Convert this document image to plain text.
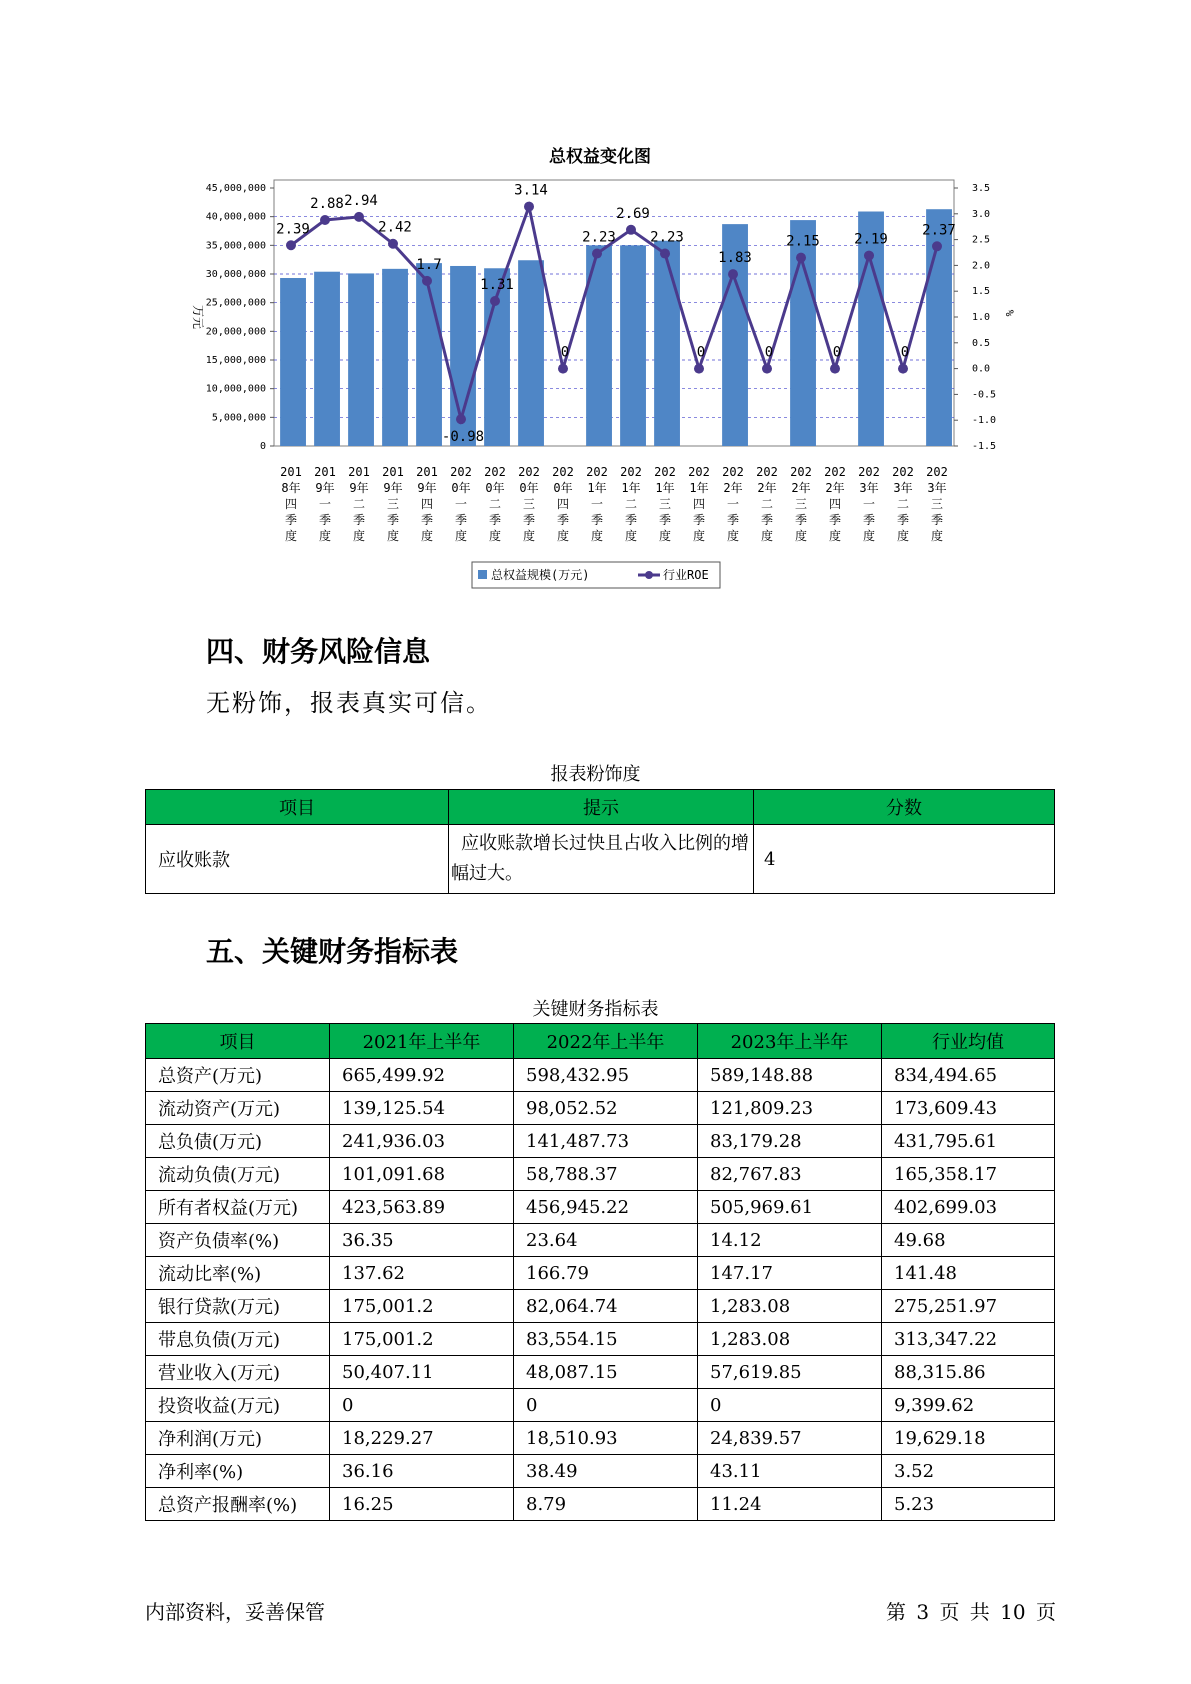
总权益变化图
45,000,000
40,000,000
35,000,000
30,000,000
25,000,000
20,000,000
15,000,000
10,000,000
5,000,000
0
3.5
3.0
2.5
2.0
1.5
1.0
0.5
0.0
-0.5
-1.0
-1.5
万元	%
2.39
2.88 2.94
2.42
1.7
-0.98
1.31
3.14
0
2.23
2.69
2.23
0
1.83
0
2.15
0
2.19
0
2.37
201
8年
四
季
度
201
9年
一
季
度
201
9年
二
季
度
201
9年
三
季
度
201
9年
四
季
度
202
0年
一
季
度
202
0年
二
季
度
202
0年
三
季
度
202
0年
四
季
度
202
1年
一
季
度
202
1年
二
季
度
202
1年
三
季
度
202
1年
四
季
度
202
2年
一
季
度
202
2年
二
季
度
202
2年
三
季
度
202
2年
四
季
度
202
3年
一
季
度
202
3年
二
季
度
202
3年
三
季
度
总权益规模(万元)	行业ROE
四、财务风险信息
无粉饰，报表真实可信。
报表粉饰度
项目	提示	分数
应收账款	应收账款增长过快且占收入比例的增幅过大。	4
五、关键财务指标表
关键财务指标表
项目	2021年上半年	2022年上半年	2023年上半年	行业均值
总资产(万元)	665,499.92	598,432.95	589,148.88	834,494.65
流动资产(万元)	139,125.54	98,052.52	121,809.23	173,609.43
总负债(万元)	241,936.03	141,487.73	83,179.28	431,795.61
流动负债(万元)	101,091.68	58,788.37	82,767.83	165,358.17
所有者权益(万元)	423,563.89	456,945.22	505,969.61	402,699.03
资产负债率(%)	36.35	23.64	14.12	49.68
流动比率(%)	137.62	166.79	147.17	141.48
银行贷款(万元)	175,001.2	82,064.74	1,283.08	275,251.97
带息负债(万元)	175,001.2	83,554.15	1,283.08	313,347.22
营业收入(万元)	50,407.11	48,087.15	57,619.85	88,315.86
投资收益(万元)	0	0	0	9,399.62
净利润(万元)	18,229.27	18,510.93	24,839.57	19,629.18
净利率(%)	36.16	38.49	43.11	3.52
总资产报酬率(%)	16.25	8.79	11.24	5.23
内部资料，妥善保管	第 3 页 共 10 页
